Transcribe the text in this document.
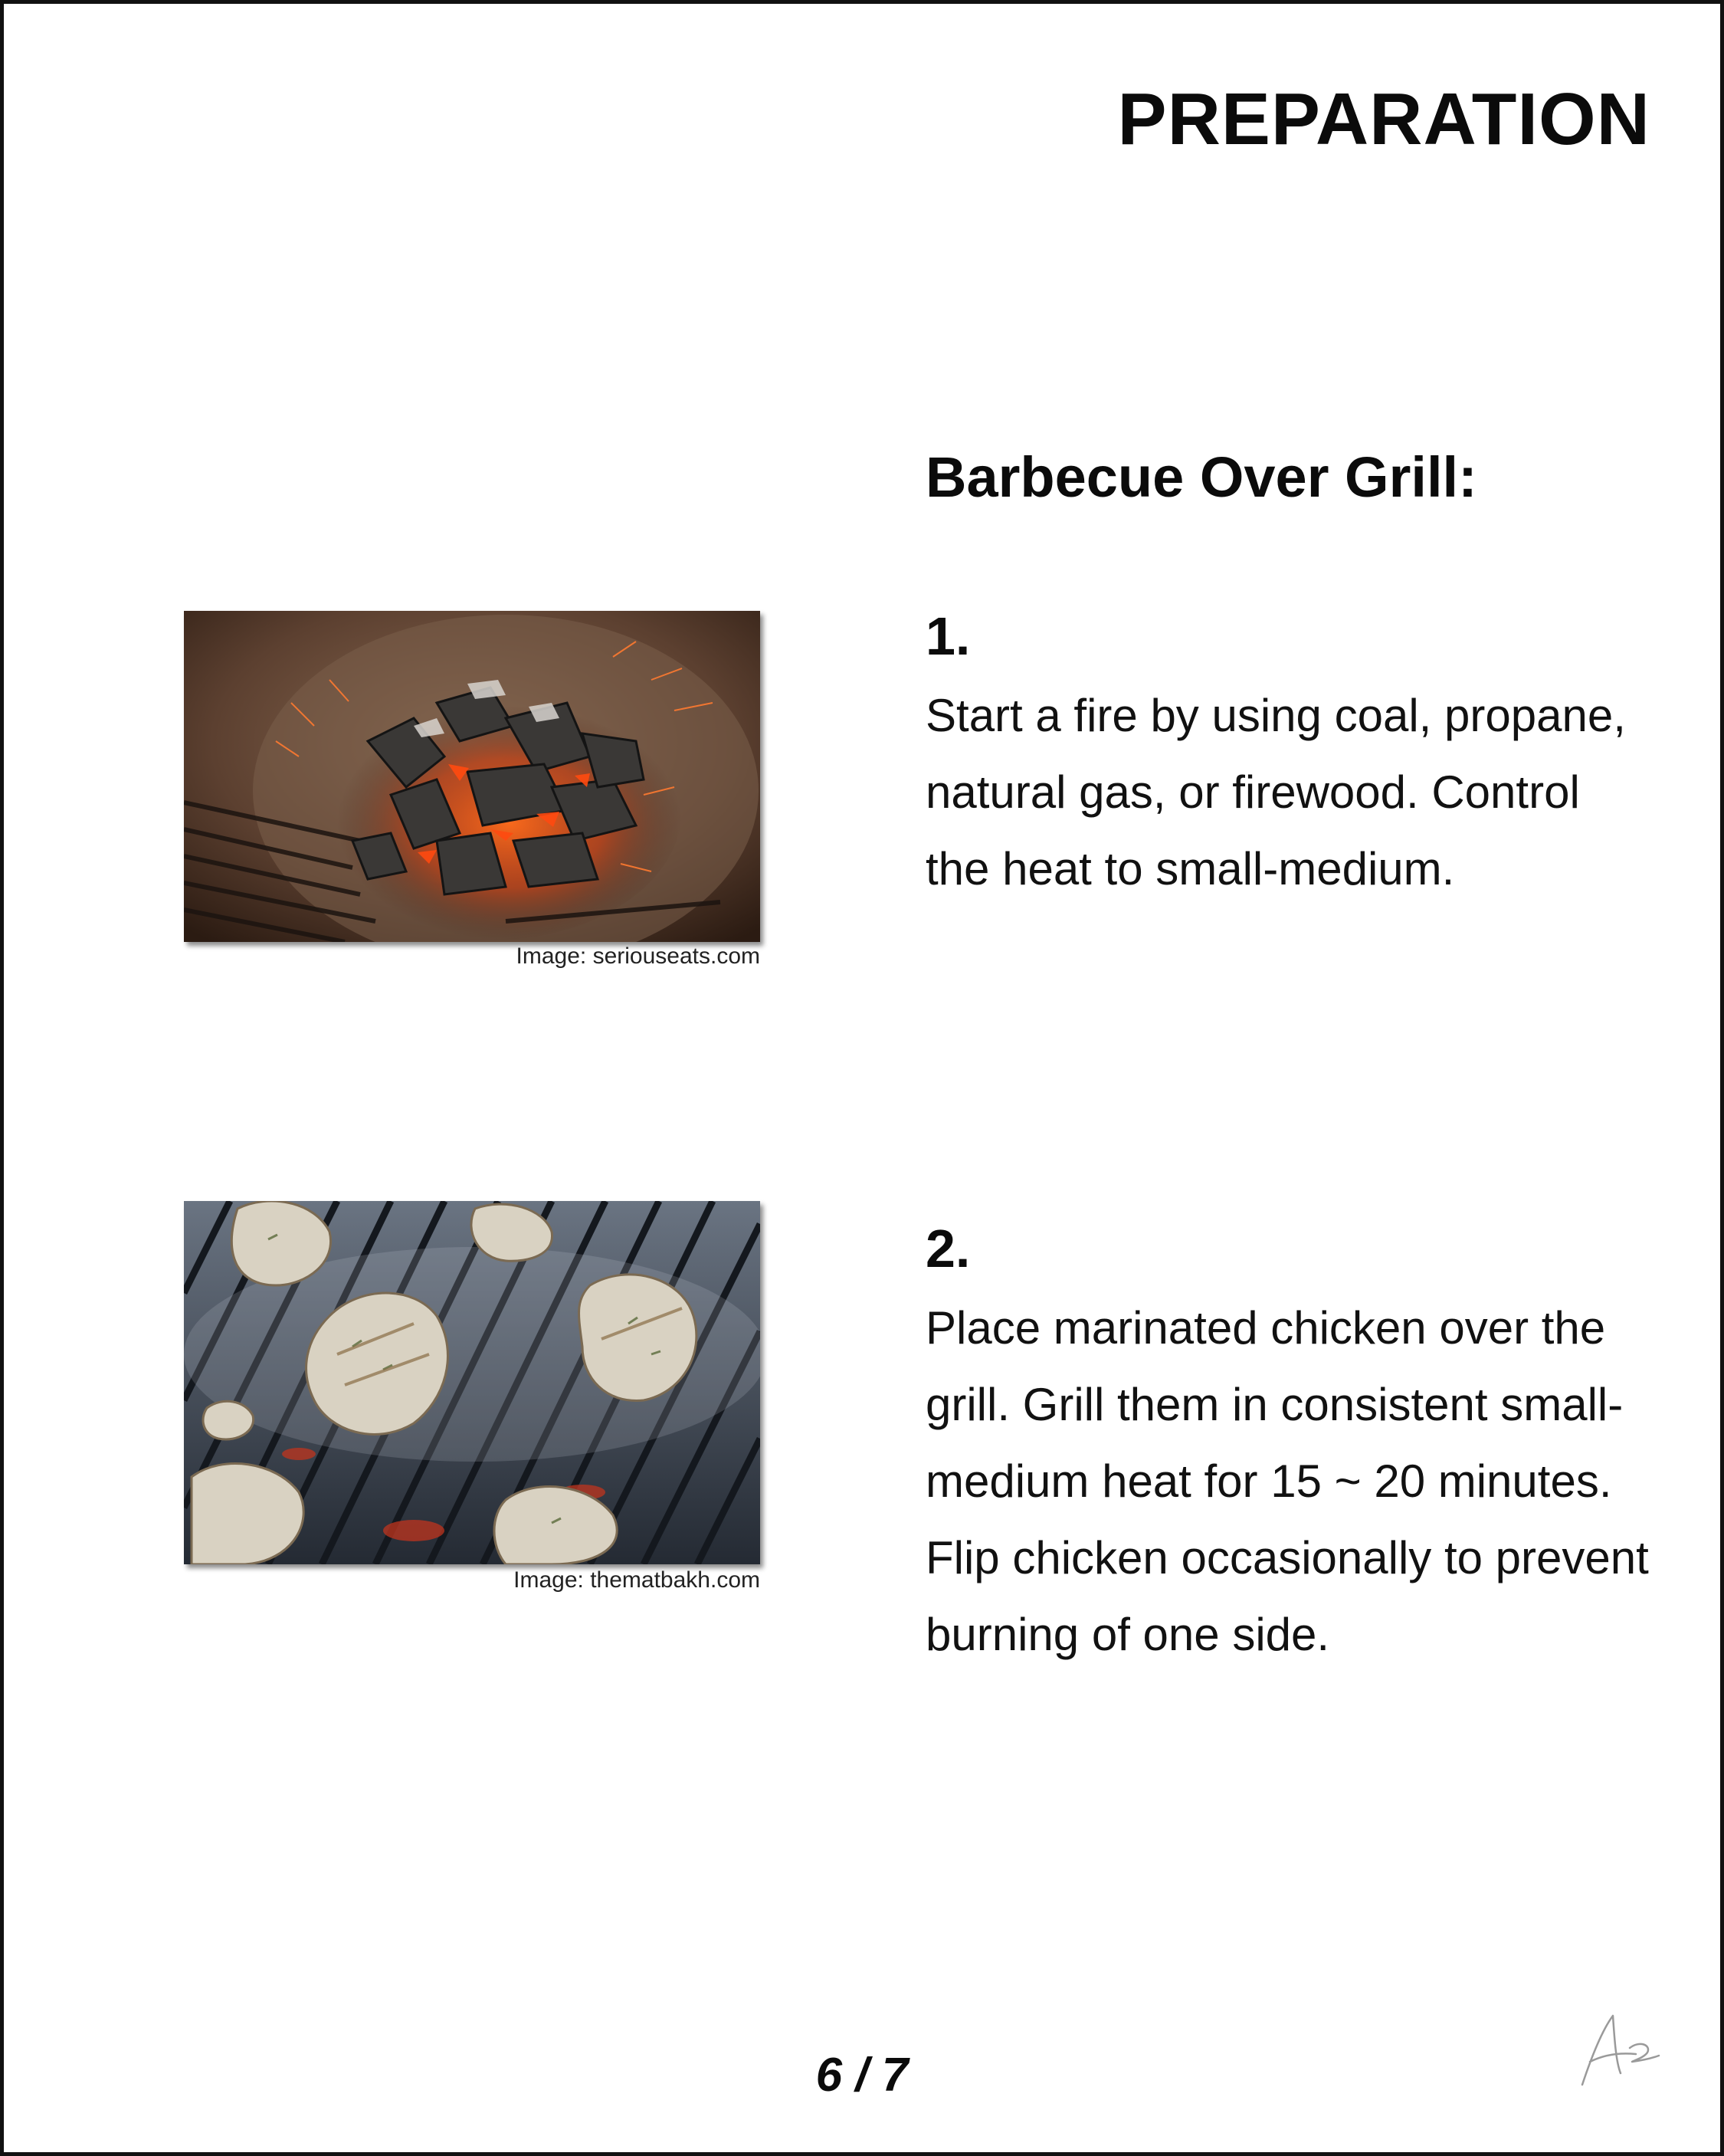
PREPARATION
Barbecue Over Grill:
Image: seriouseats.com
1.

Start a fire by using coal, propane, natural gas, or firewood. Control the heat to small-medium.

Image: thematbakh.com
2.

Place marinated chicken over the grill. Grill them in consistent small-medium heat for 15 ~ 20 minutes. Flip chicken occasionally to prevent burning of one side.

6 / 7
